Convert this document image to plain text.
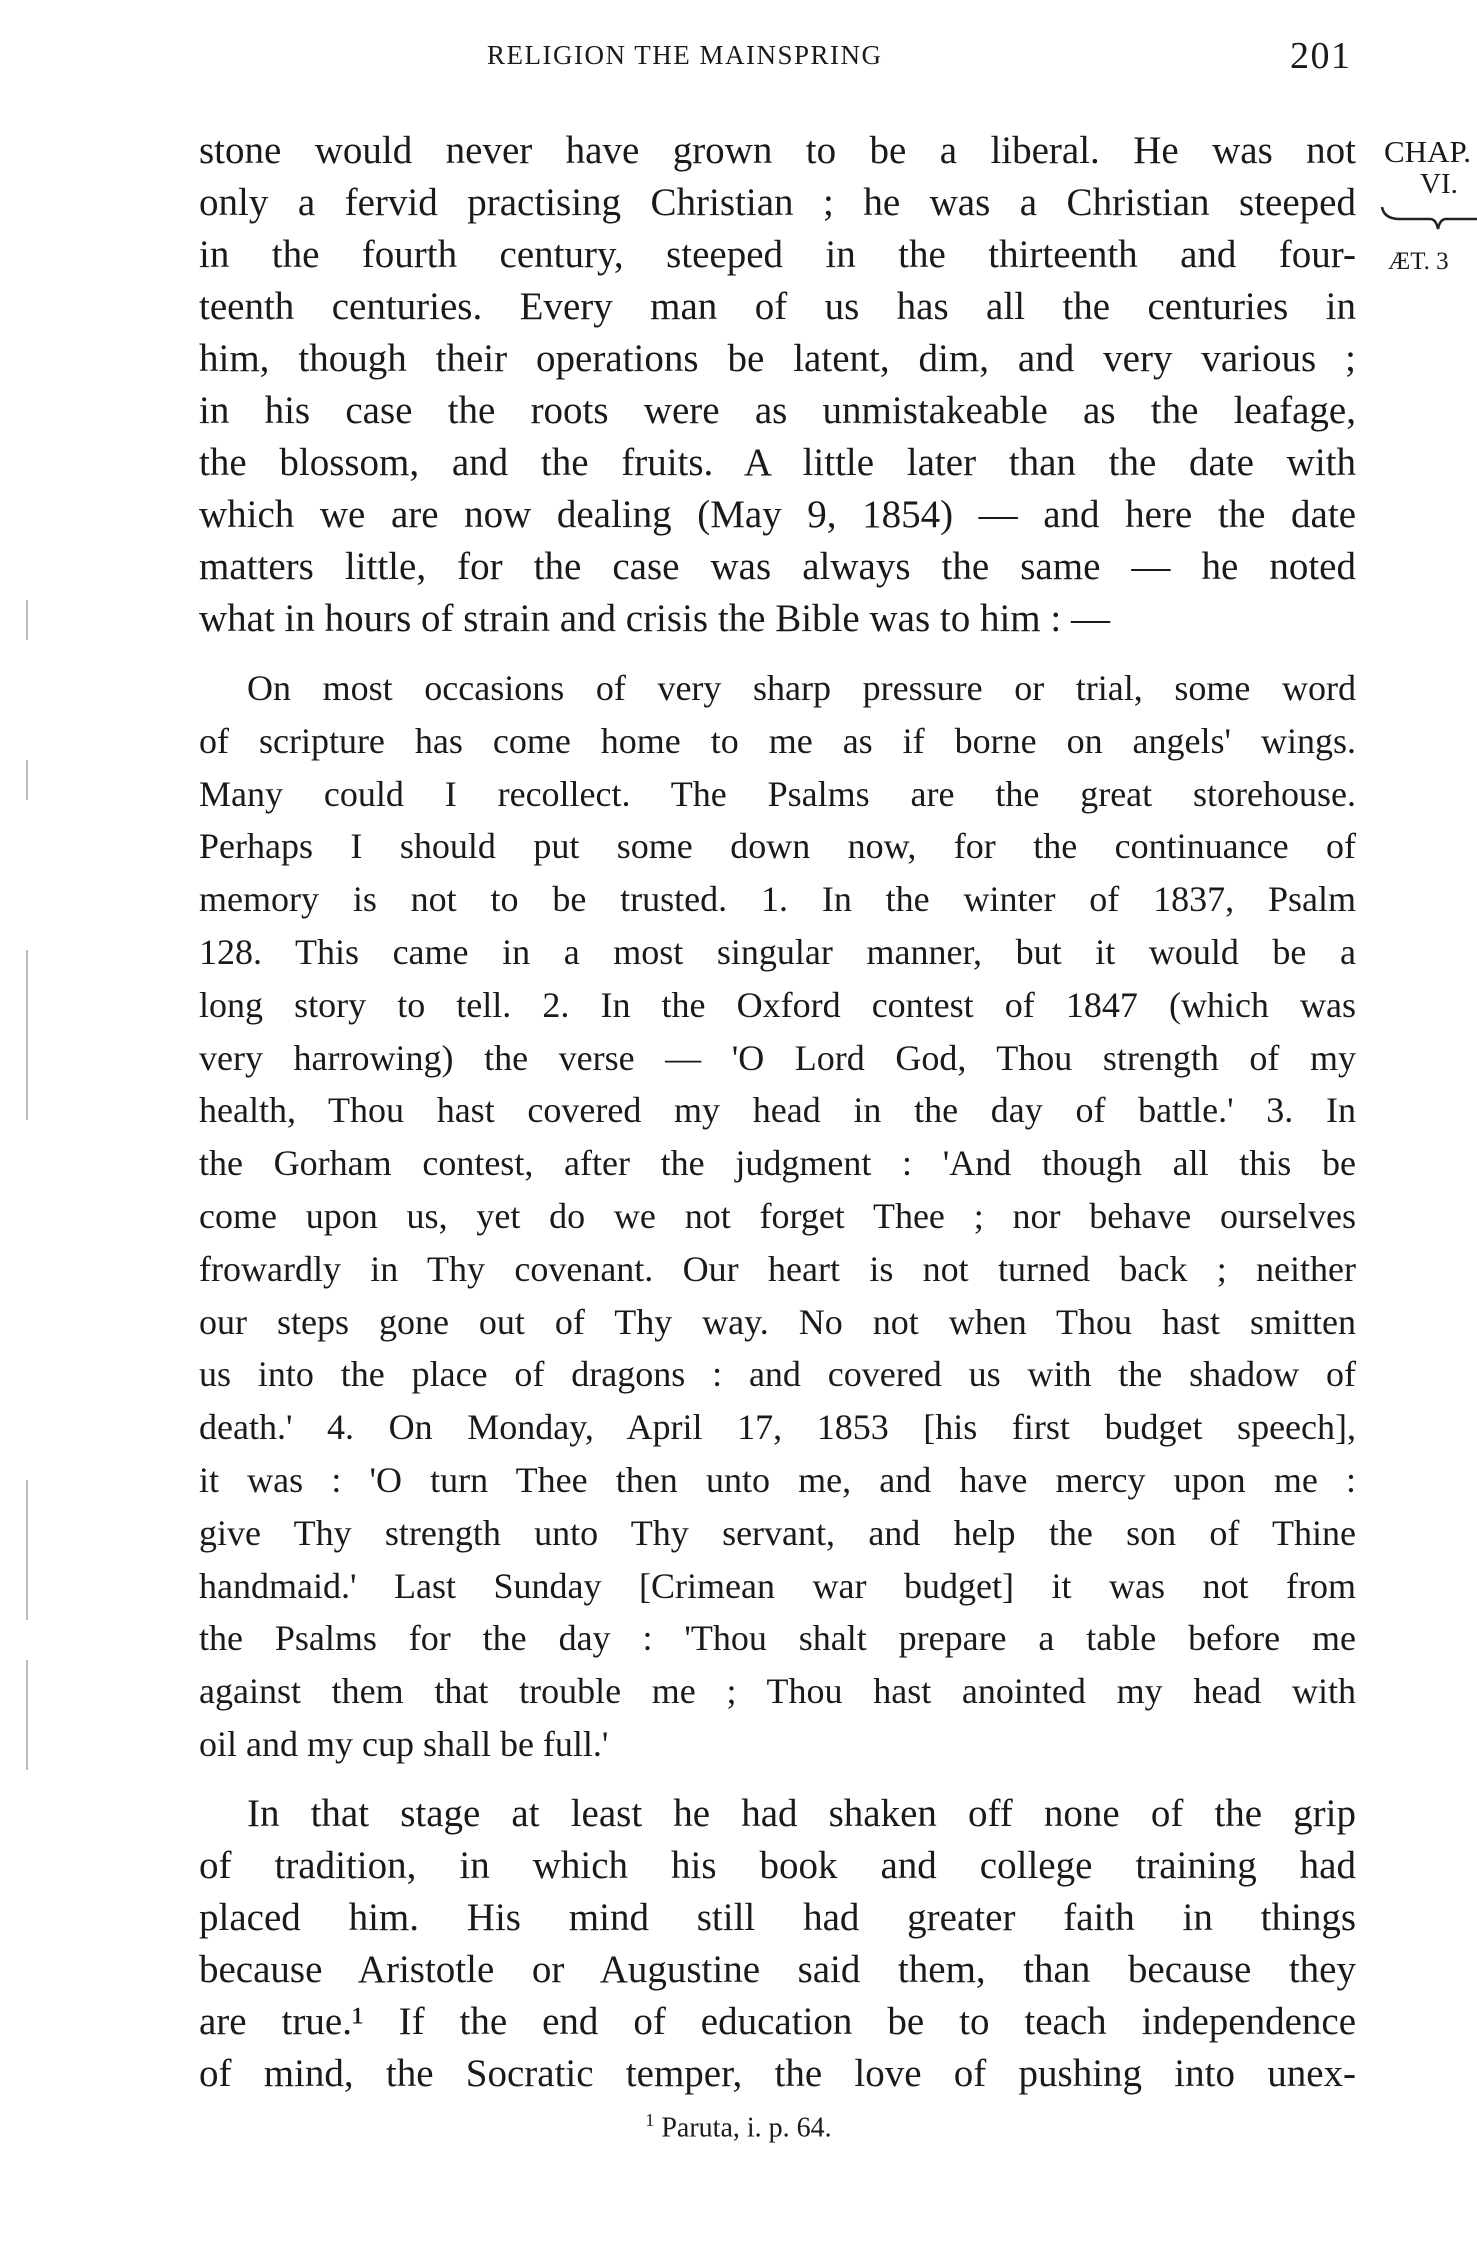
RELIGION THE MAINSPRING	201
CHAP.
VI.
ÆT. 3
stone would never have grown to be a liberal. He was not
only a fervid practising Christian ; he was a Christian steeped
in the fourth century, steeped in the thirteenth and four-
teenth centuries. Every man of us has all the centuries in
him, though their operations be latent, dim, and very various ;
in his case the roots were as unmistakeable as the leafage,
the blossom, and the fruits. A little later than the date with
which we are now dealing (May 9, 1854) — and here the date
matters little, for the case was always the same — he noted
what in hours of strain and crisis the Bible was to him : —
On most occasions of very sharp pressure or trial, some word
of scripture has come home to me as if borne on angels' wings.
Many could I recollect. The Psalms are the great storehouse.
Perhaps I should put some down now, for the continuance of
memory is not to be trusted. 1. In the winter of 1837, Psalm
128. This came in a most singular manner, but it would be a
long story to tell. 2. In the Oxford contest of 1847 (which was
very harrowing) the verse — 'O Lord God, Thou strength of my
health, Thou hast covered my head in the day of battle.' 3. In
the Gorham contest, after the judgment : 'And though all this be
come upon us, yet do we not forget Thee ; nor behave ourselves
frowardly in Thy covenant. Our heart is not turned back ; neither
our steps gone out of Thy way. No not when Thou hast smitten
us into the place of dragons : and covered us with the shadow of
death.' 4. On Monday, April 17, 1853 [his first budget speech],
it was : 'O turn Thee then unto me, and have mercy upon me :
give Thy strength unto Thy servant, and help the son of Thine
handmaid.' Last Sunday [Crimean war budget] it was not from
the Psalms for the day : 'Thou shalt prepare a table before me
against them that trouble me ; Thou hast anointed my head with
oil and my cup shall be full.'
In that stage at least he had shaken off none of the grip
of tradition, in which his book and college training had
placed him. His mind still had greater faith in things
because Aristotle or Augustine said them, than because they
are true.¹ If the end of education be to teach independence
of mind, the Socratic temper, the love of pushing into unex-
$^1$ Paruta, i. p. 64.
